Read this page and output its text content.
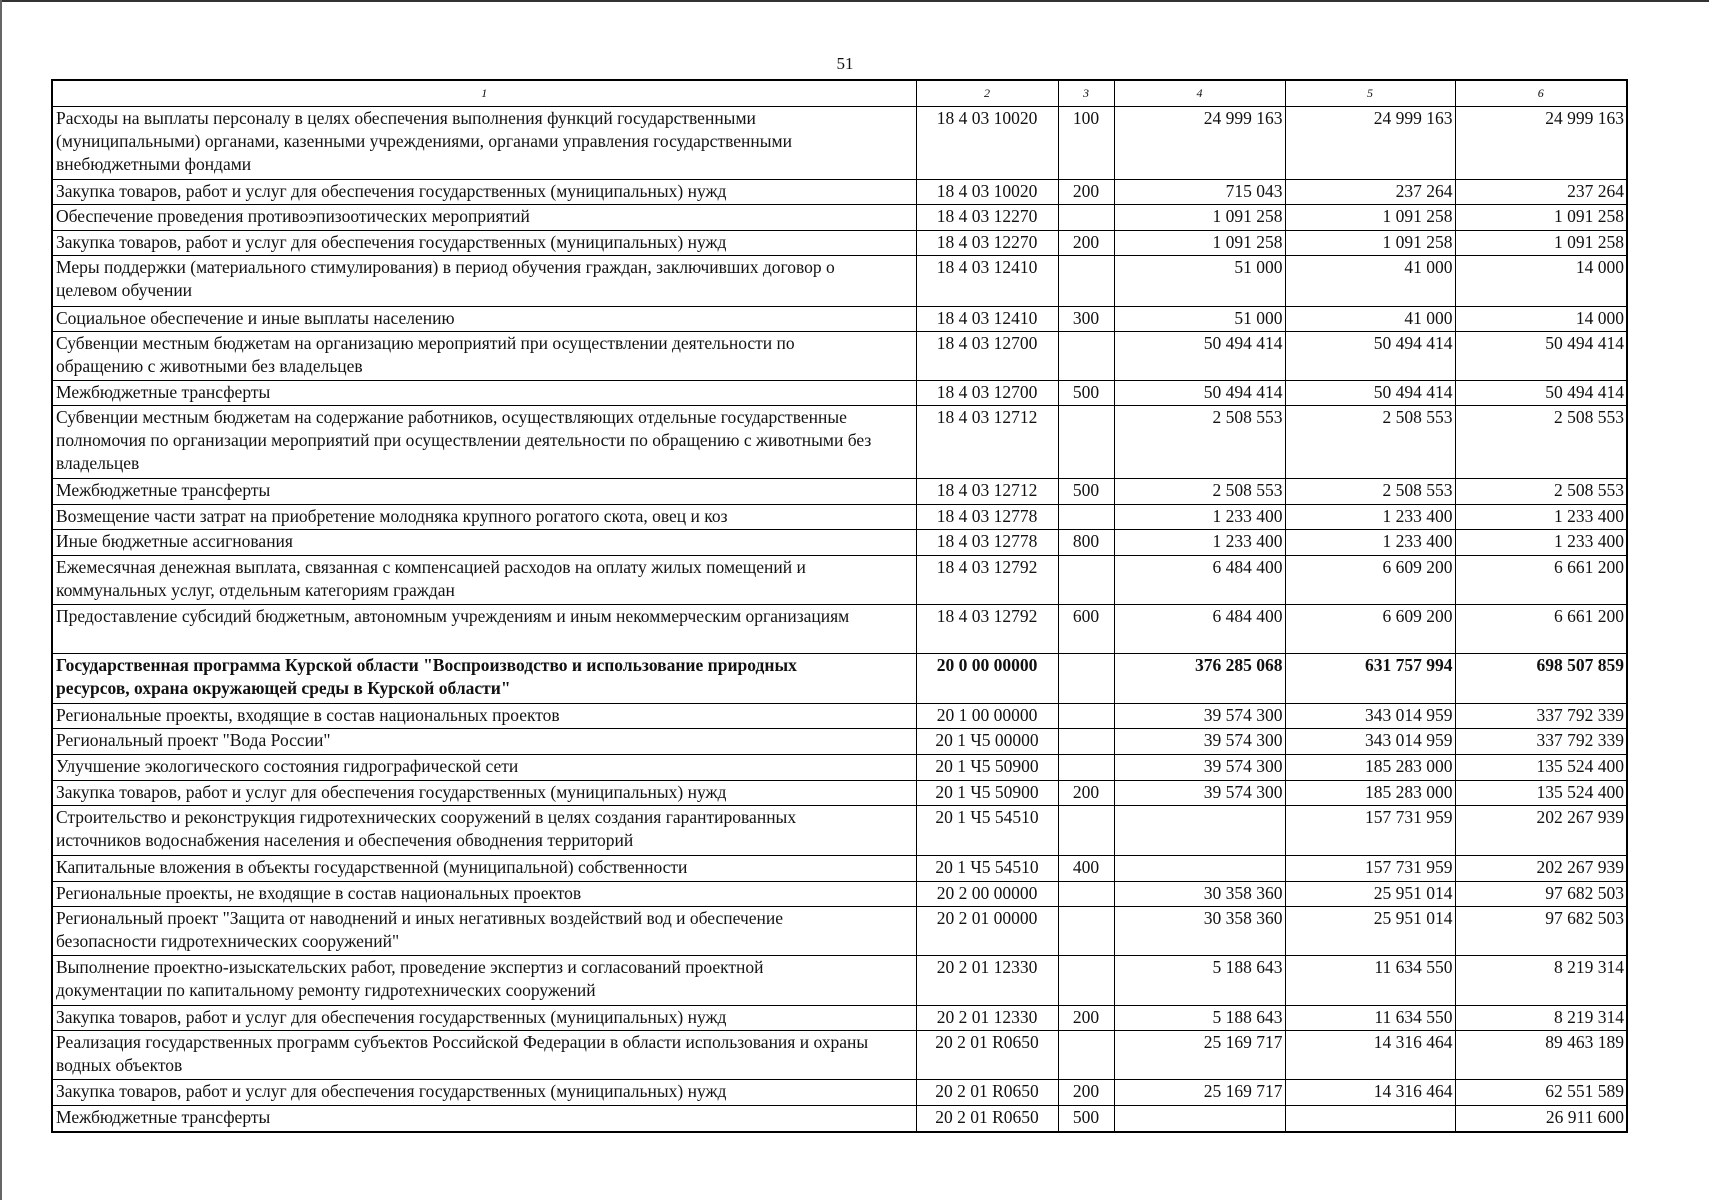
51
1	2	3	4	5	6
Расходы на выплаты персоналу в целях обеспечения выполнения функций государственными
(муниципальными) органами, казенными учреждениями, органами управления государственными
внебюджетными фондами	18 4 03 10020	100	24 999 163	24 999 163	24 999 163
Закупка товаров, работ и услуг для обеспечения государственных (муниципальных) нужд	18 4 03 10020	200	715 043	237 264	237 264
Обеспечение проведения противоэпизоотических мероприятий	18 4 03 12270		1 091 258	1 091 258	1 091 258
Закупка товаров, работ и услуг для обеспечения государственных (муниципальных) нужд	18 4 03 12270	200	1 091 258	1 091 258	1 091 258
Меры поддержки (материального стимулирования) в период обучения граждан, заключивших договор о
целевом обучении	18 4 03 12410		51 000	41 000	14 000
Социальное обеспечение и иные выплаты населению	18 4 03 12410	300	51 000	41 000	14 000
Субвенции местным бюджетам на организацию мероприятий при осуществлении деятельности по
обращению с животными без владельцев	18 4 03 12700		50 494 414	50 494 414	50 494 414
Межбюджетные трансферты	18 4 03 12700	500	50 494 414	50 494 414	50 494 414
Субвенции местным бюджетам на содержание работников, осуществляющих отдельные государственные
полномочия по организации мероприятий при осуществлении деятельности по обращению с животными без
владельцев	18 4 03 12712		2 508 553	2 508 553	2 508 553
Межбюджетные трансферты	18 4 03 12712	500	2 508 553	2 508 553	2 508 553
Возмещение части затрат на приобретение молодняка крупного рогатого скота, овец и коз	18 4 03 12778		1 233 400	1 233 400	1 233 400
Иные бюджетные ассигнования	18 4 03 12778	800	1 233 400	1 233 400	1 233 400
Ежемесячная денежная выплата, связанная с компенсацией расходов на оплату жилых помещений и
коммунальных услуг, отдельным категориям граждан	18 4 03 12792		6 484 400	6 609 200	6 661 200
Предоставление субсидий бюджетным, автономным учреждениям и иным некоммерческим организациям	18 4 03 12792	600	6 484 400	6 609 200	6 661 200
Государственная программа Курской области "Воспроизводство и использование природных
ресурсов, охрана окружающей среды в Курской области"	20 0 00 00000		376 285 068	631 757 994	698 507 859
Региональные проекты, входящие в состав национальных проектов	20 1 00 00000		39 574 300	343 014 959	337 792 339
Региональный проект "Вода России"	20 1 Ч5 00000		39 574 300	343 014 959	337 792 339
Улучшение экологического состояния гидрографической сети	20 1 Ч5 50900		39 574 300	185 283 000	135 524 400
Закупка товаров, работ и услуг для обеспечения государственных (муниципальных) нужд	20 1 Ч5 50900	200	39 574 300	185 283 000	135 524 400
Строительство и реконструкция гидротехнических сооружений в целях создания гарантированных
источников водоснабжения населения и обеспечения обводнения территорий	20 1 Ч5 54510			157 731 959	202 267 939
Капитальные вложения в объекты государственной (муниципальной) собственности	20 1 Ч5 54510	400		157 731 959	202 267 939
Региональные проекты, не входящие в состав национальных проектов	20 2 00 00000		30 358 360	25 951 014	97 682 503
Региональный проект "Защита от наводнений и иных негативных воздействий вод и обеспечение
безопасности гидротехнических сооружений"	20 2 01 00000		30 358 360	25 951 014	97 682 503
Выполнение проектно-изыскательских работ, проведение экспертиз и согласований проектной
документации по капитальному ремонту гидротехнических сооружений	20 2 01 12330		5 188 643	11 634 550	8 219 314
Закупка товаров, работ и услуг для обеспечения государственных (муниципальных) нужд	20 2 01 12330	200	5 188 643	11 634 550	8 219 314
Реализация государственных программ субъектов Российской Федерации в области использования и охраны
водных объектов	20 2 01 R0650		25 169 717	14 316 464	89 463 189
Закупка товаров, работ и услуг для обеспечения государственных (муниципальных) нужд	20 2 01 R0650	200	25 169 717	14 316 464	62 551 589
Межбюджетные трансферты	20 2 01 R0650	500			26 911 600
